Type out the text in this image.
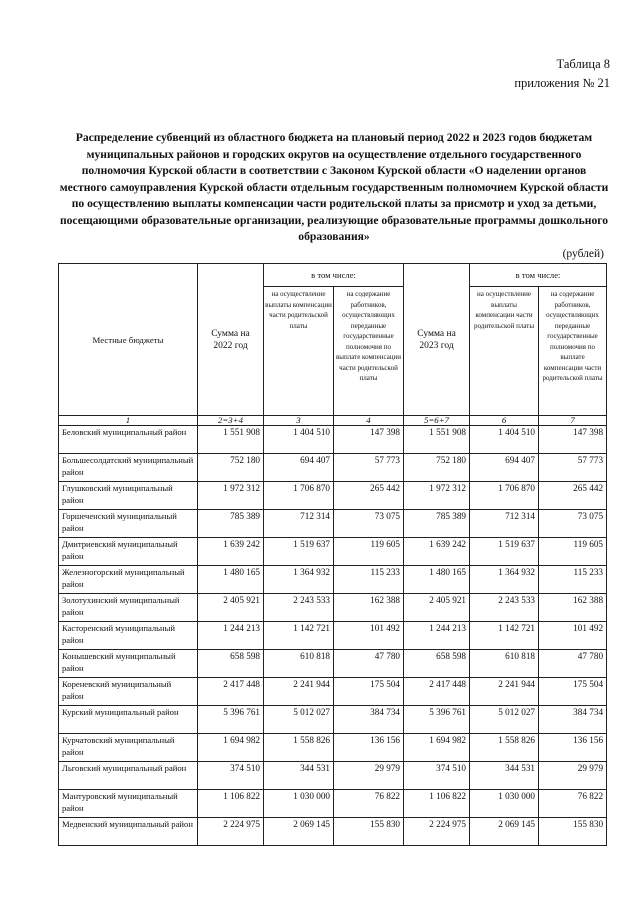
Таблица 8
приложения № 21
Распределение субвенций из областного бюджета на плановый период 2022 и 2023 годов бюджетам муниципальных районов и городских округов на осуществление отдельного государственного полномочия Курской области в соответствии с Законом Курской области «О наделении органов местного самоуправления Курской области отдельным государственным полномочием Курской области по осуществлению выплаты компенсации части родительской платы за присмотр и уход за детьми, посещающими образовательные организации, реализующие образовательные программы дошкольного образования»
(рублей)
Местные бюджеты	Сумма на 2022 год	в том числе:		Сумма на 2023 год	в том числе:	
		на осуществление выплаты компенсации части родительской платы	на содержание работников, осуществляющих переданные государственные полномочия по выплате компенсации части родительской платы		на осуществление выплаты компенсации части родительской платы	на содержание работников, осуществляющих переданные государственные полномочия по выплате компенсации части родительской платы
1	2=3+4	3	4	5=6+7	6	7
Беловский муниципальный район	1 551 908	1 404 510	147 398	1 551 908	1 404 510	147 398
Большесолдатский муниципальный район	752 180	694 407	57 773	752 180	694 407	57 773
Глушковский муниципальный район	1 972 312	1 706 870	265 442	1 972 312	1 706 870	265 442
Горшеченский муниципальный район	785 389	712 314	73 075	785 389	712 314	73 075
Дмитриевский муниципальный район	1 639 242	1 519 637	119 605	1 639 242	1 519 637	119 605
Железногорский муниципальный район	1 480 165	1 364 932	115 233	1 480 165	1 364 932	115 233
Золотухинский муниципальный район	2 405 921	2 243 533	162 388	2 405 921	2 243 533	162 388
Касторенский муниципальный район	1 244 213	1 142 721	101 492	1 244 213	1 142 721	101 492
Конышевский муниципальный район	658 598	610 818	47 780	658 598	610 818	47 780
Кореневский муниципальный район	2 417 448	2 241 944	175 504	2 417 448	2 241 944	175 504
Курский муниципальный район	5 396 761	5 012 027	384 734	5 396 761	5 012 027	384 734
Курчатовский муниципальный район	1 694 982	1 558 826	136 156	1 694 982	1 558 826	136 156
Льговский муниципальный район	374 510	344 531	29 979	374 510	344 531	29 979
Мантуровский муниципальный район	1 106 822	1 030 000	76 822	1 106 822	1 030 000	76 822
Медвенский муниципальный район	2 224 975	2 069 145	155 830	2 224 975	2 069 145	155 830
